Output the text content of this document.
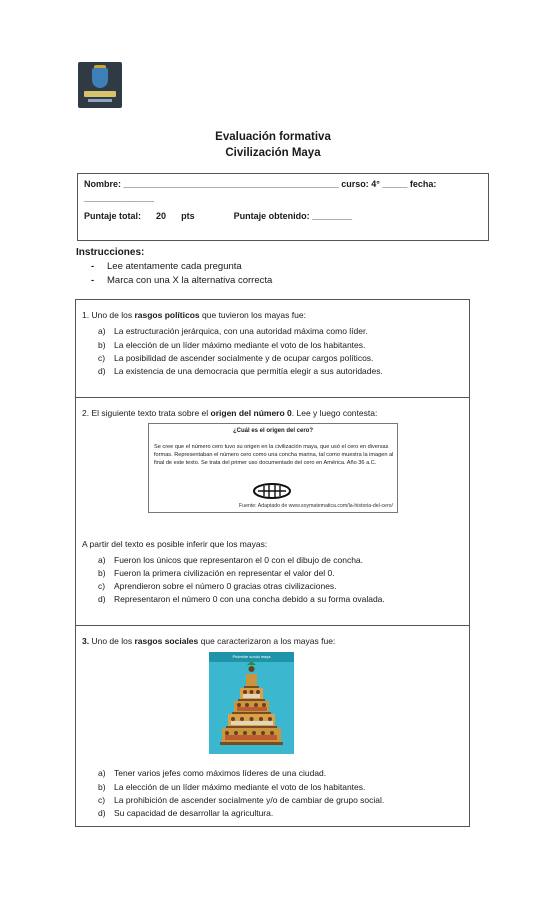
Evaluación formativa
Civilización Maya
Nombre: ___________________________________________ curso: 4° _____ fecha:
______________
Puntaje total: 20 pts	Puntaje obtenido: ________
Instrucciones:
- Lee atentamente cada pregunta
- Marca con una X la alternativa correcta
1. Uno de los rasgos políticos que tuvieron los mayas fue:
a) La estructuración jerárquica, con una autoridad máxima como líder.
b) La elección de un líder máximo mediante el voto de los habitantes.
c) La posibilidad de ascender socialmente y de ocupar cargos políticos.
d) La existencia de una democracia que permitía elegir a sus autoridades.
2. El siguiente texto trata sobre el origen del número 0. Lee y luego contesta:
A partir del texto es posible inferir que los mayas:
a) Fueron los únicos que representaron el 0 con el dibujo de concha.
b) Fueron la primera civilización en representar el valor del 0.
c) Aprendieron sobre el número 0 gracias otras civilizaciones.
d) Representaron el número 0 con una concha debido a su forma ovalada.
¿Cuál es el origen del cero?
Se cree que el número cero tuvo su origen en la civilización maya, que usó el cero en diversas formas. Representaban el número cero como una concha marina, tal como muestra la imagen al final de este texto. Se trata del primer uso documentado del cero en América. Año 36 a.C.
Fuente: Adaptado de www.soymatematica.com/la-historia-del-cero/
3. Uno de los rasgos sociales que caracterizaron a los mayas fue:
a) Tener varios jefes como máximos líderes de una ciudad.
b) La elección de un líder máximo mediante el voto de los habitantes.
c) La prohibición de ascender socialmente y/o de cambiar de grupo social.
d) Su capacidad de desarrollar la agricultura.
Pirámide social maya
